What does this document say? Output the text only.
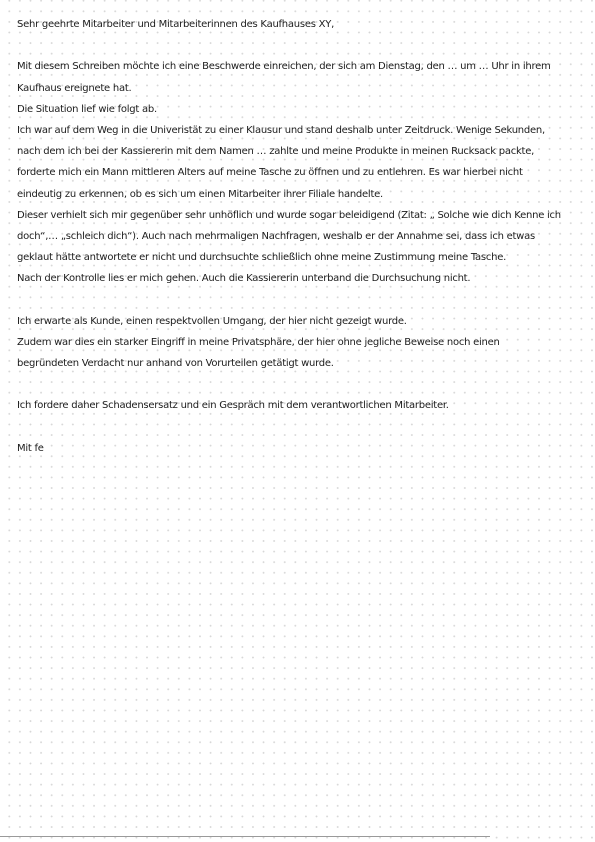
Sehr geehrte Mitarbeiter und Mitarbeiterinnen des Kaufhauses XY,
Mit diesem Schreiben möchte ich eine Beschwerde einreichen, der sich am Dienstag, den … um … Uhr in ihrem
Kaufhaus ereignete hat.
Die Situation lief wie folgt ab.
Ich war auf dem Weg in die Univeristät zu einer Klausur und stand deshalb unter Zeitdruck. Wenige Sekunden,
nach dem ich bei der Kassiererin mit dem Namen … zahlte und meine Produkte in meinen Rucksack packte,
forderte mich ein Mann mittleren Alters auf meine Tasche zu öffnen und zu entlehren. Es war hierbei nicht
eindeutig zu erkennen, ob es sich um einen Mitarbeiter ihrer Filiale handelte.
Dieser verhielt sich mir gegenüber sehr unhöflich und wurde sogar beleidigend (Zitat: „ Solche wie dich Kenne ich
doch“,… „schleich dich“). Auch nach mehrmaligen Nachfragen, weshalb er der Annahme sei, dass ich etwas
geklaut hätte antwortete er nicht und durchsuchte schließlich ohne meine Zustimmung meine Tasche.
Nach der Kontrolle lies er mich gehen. Auch die Kassiererin unterband die Durchsuchung nicht.
Ich erwarte als Kunde, einen respektvollen Umgang, der hier nicht gezeigt wurde.
Zudem war dies ein starker Eingriff in meine Privatsphäre, der hier ohne jegliche Beweise noch einen
begründeten Verdacht nur anhand von Vorurteilen getätigt wurde.
Ich fordere daher Schadensersatz und ein Gespräch mit dem verantwortlichen Mitarbeiter.
Mit fe
